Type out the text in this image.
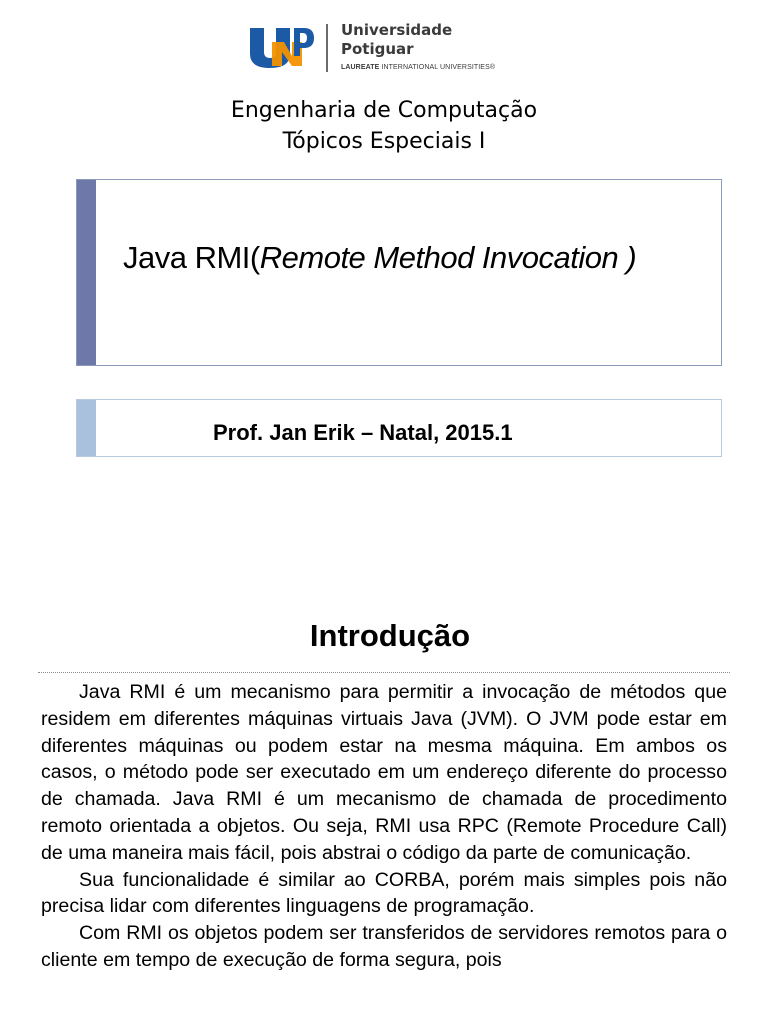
Universidade
Potiguar
LAUREATE INTERNATIONAL UNIVERSITIES®
Engenharia de Computação
Tópicos Especiais I
Java RMI(Remote Method Invocation )
Prof. Jan Erik – Natal, 2015.1
Introdução

Java RMI é um mecanismo para permitir a invocação de métodos que residem em diferentes máquinas virtuais Java (JVM). O JVM pode estar em diferentes máquinas ou podem estar na mesma máquina. Em ambos os casos, o método pode ser executado em um endereço diferente do processo de chamada. Java RMI é um mecanismo de chamada de procedimento remoto orientada a objetos. Ou seja, RMI usa RPC (Remote Procedure Call) de uma maneira mais fácil, pois abstrai o código da parte de comunicação.

Sua funcionalidade é similar ao CORBA, porém mais simples pois não precisa lidar com diferentes linguagens de programação.

Com RMI os objetos podem ser transferidos de servidores remotos para o cliente em tempo de execução de forma segura, pois
